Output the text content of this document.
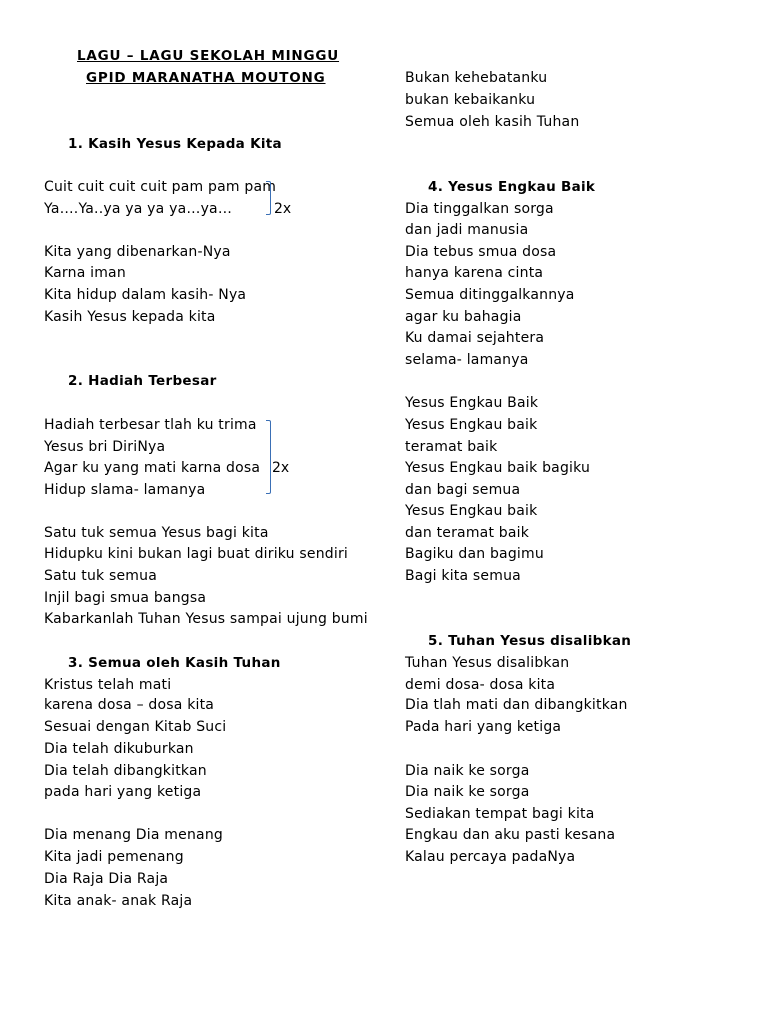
LAGU – LAGU SEKOLAH MINGGU
GPID MARANATHA MOUTONG
1. Kasih Yesus Kepada Kita
Cuit cuit cuit cuit pam pam pam
Ya….Ya..ya ya ya ya…ya…
Kita yang dibenarkan-Nya
Karna iman
Kita hidup dalam kasih- Nya
Kasih Yesus kepada kita
2. Hadiah Terbesar
Hadiah terbesar tlah ku trima
Yesus bri DiriNya
Agar ku yang mati karna dosa
Hidup slama- lamanya
Satu tuk semua Yesus bagi kita
Hidupku kini bukan lagi buat diriku sendiri
Satu tuk semua
Injil bagi smua bangsa
Kabarkanlah Tuhan Yesus sampai ujung bumi
3. Semua oleh Kasih Tuhan
Kristus telah mati
karena dosa – dosa kita
Sesuai dengan Kitab Suci
Dia telah dikuburkan
Dia telah dibangkitkan
pada hari yang ketiga
Dia menang Dia menang
Kita jadi pemenang
Dia Raja Dia Raja
Kita anak- anak Raja
2x
2x
Bukan kehebatanku
bukan kebaikanku
Semua oleh kasih Tuhan
4. Yesus Engkau Baik
Dia tinggalkan sorga
dan jadi manusia
Dia tebus smua dosa
hanya karena cinta
Semua ditinggalkannya
agar ku bahagia
Ku damai sejahtera
selama- lamanya
Yesus Engkau Baik
Yesus Engkau baik
teramat baik
Yesus Engkau baik bagiku
dan bagi semua
Yesus Engkau baik
dan teramat baik
Bagiku dan bagimu
Bagi kita semua
5. Tuhan Yesus disalibkan
Tuhan Yesus disalibkan
demi dosa- dosa kita
Dia tlah mati dan dibangkitkan
Pada hari yang ketiga
Dia naik ke sorga
Dia naik ke sorga
Sediakan tempat bagi kita
Engkau dan aku pasti kesana
Kalau percaya padaNya
